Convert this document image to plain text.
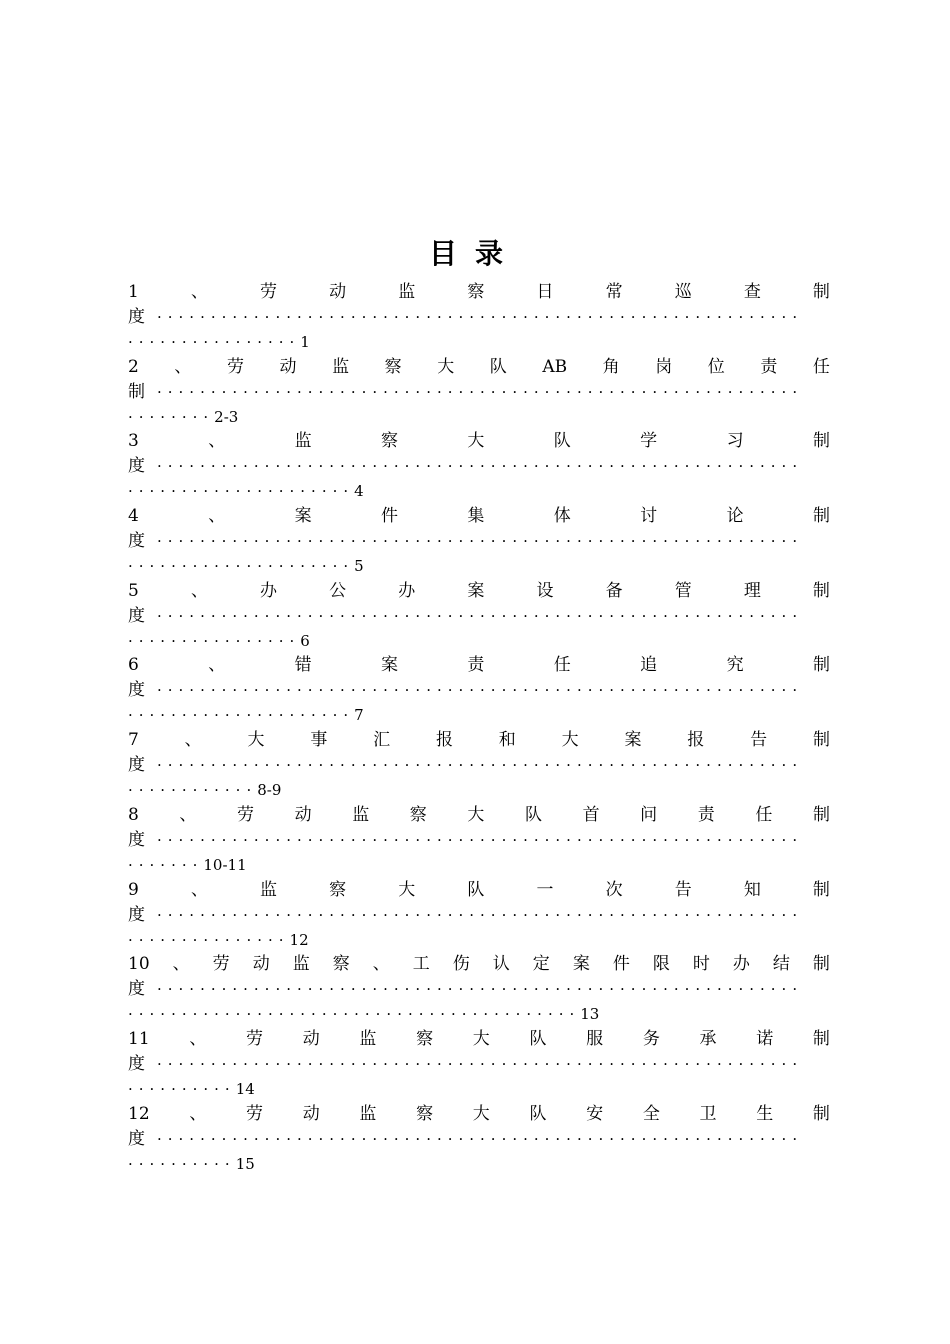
目录
1	、	劳	动	监	察	日	常	巡	查	制
度 ····························································
················ 1
2 、 劳 动 监 察 大 队 AB 角 岗 位 责 任
制 ····························································
········ 2-3
3	、	监	察	大	队	学	习	制
度 ····························································
····················· 4
4	、	案	件	集	体	讨	论	制
度 ····························································
····················· 5
5	、	办	公	办	案	设	备	管	理	制
度 ····························································
················ 6
6	、	错	案	责	任	追	究	制
度 ····························································
····················· 7
7	、	大	事	汇	报	和	大	案	报	告	制
度 ····························································
············ 8-9
8 、 劳 动 监 察 大 队 首 问 责 任 制
度 ····························································
······· 10-11
9	、	监	察	大	队	一	次	告	知	制
度 ····························································
··············· 12
10 、 劳 动 监 察 、 工 伤 认 定 案 件 限 时 办 结 制
度 ····························································
·········································· 13
11 、 劳 动 监 察 大 队 服 务 承 诺 制
度 ····························································
·········· 14
12 、 劳 动 监 察 大 队 安 全 卫 生 制
度 ····························································
·········· 15
